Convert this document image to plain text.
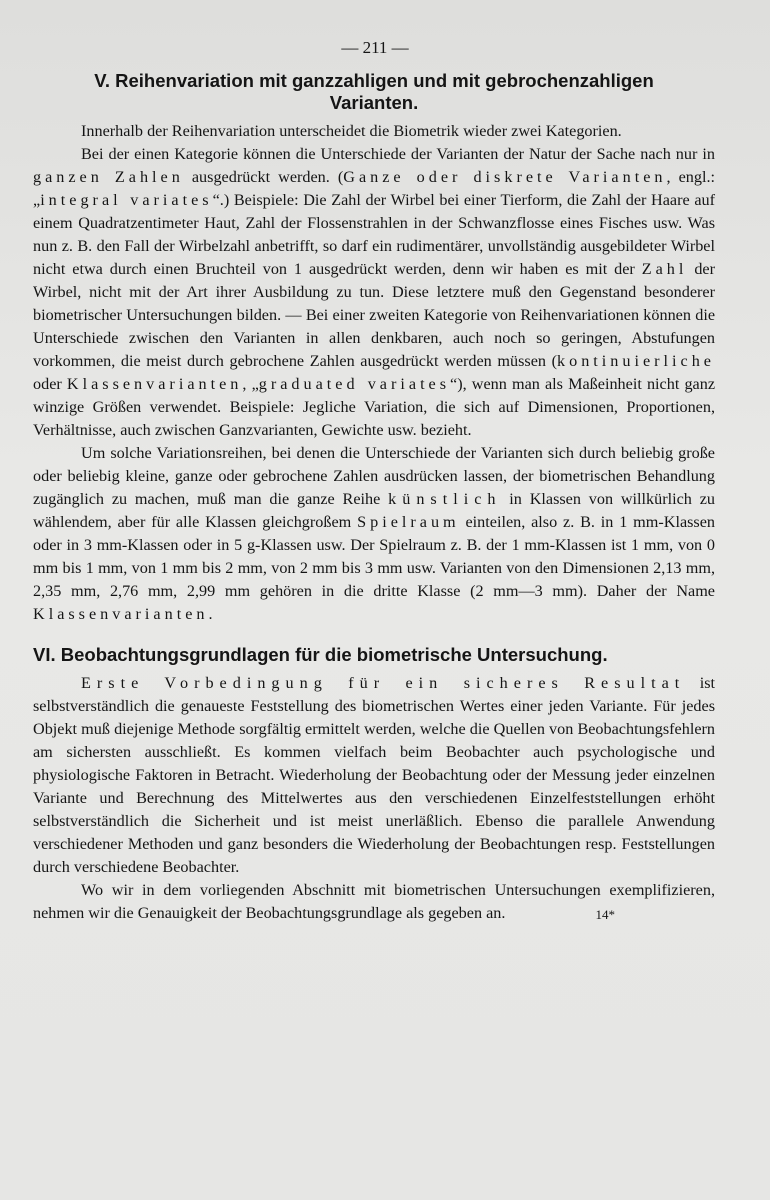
— 211 —
V. Reihenvariation mit ganzzahligen und mit gebrochenzahligen
Varianten.

Innerhalb der Reihenvariation unterscheidet die Biometrik wieder zwei Kategorien.

Bei der einen Kategorie können die Unterschiede der Varianten der Natur der Sache nach nur in ganzen Zahlen ausgedrückt werden. (Ganze oder diskrete Varianten, engl.: „integral variates“.) Beispiele: Die Zahl der Wirbel bei einer Tierform, die Zahl der Haare auf einem Quadratzentimeter Haut, Zahl der Flossenstrahlen in der Schwanzflosse eines Fisches usw. Was nun z. B. den Fall der Wirbelzahl anbetrifft, so darf ein rudimentärer, unvollständig ausgebildeter Wirbel nicht etwa durch einen Bruchteil von 1 ausgedrückt werden, denn wir haben es mit der Zahl der Wirbel, nicht mit der Art ihrer Ausbildung zu tun. Diese letztere muß den Gegenstand besonderer biometrischer Untersuchungen bilden. — Bei einer zweiten Kategorie von Reihenvariationen können die Unterschiede zwischen den Varianten in allen denkbaren, auch noch so geringen, Abstufungen vorkommen, die meist durch gebrochene Zahlen ausgedrückt werden müssen (kontinuierliche oder Klassenvarianten, „graduated variates“), wenn man als Maßeinheit nicht ganz winzige Größen verwendet. Beispiele: Jegliche Variation, die sich auf Dimensionen, Proportionen, Verhältnisse, auch zwischen Ganzvarianten, Gewichte usw. bezieht.

Um solche Variationsreihen, bei denen die Unterschiede der Varianten sich durch beliebig große oder beliebig kleine, ganze oder gebrochene Zahlen ausdrücken lassen, der biometrischen Behandlung zugänglich zu machen, muß man die ganze Reihe künstlich in Klassen von willkürlich zu wählendem, aber für alle Klassen gleichgroßem Spielraum einteilen, also z. B. in 1 mm-Klassen oder in 3 mm-Klassen oder in 5 g-Klassen usw. Der Spielraum z. B. der 1 mm-Klassen ist 1 mm, von 0 mm bis 1 mm, von 1 mm bis 2 mm, von 2 mm bis 3 mm usw. Varianten von den Dimensionen 2,13 mm, 2,35 mm, 2,76 mm, 2,99 mm gehören in die dritte Klasse (2 mm—3 mm). Daher der Name Klassenvarianten.

VI. Beobachtungsgrundlagen für die biometrische Untersuchung.

Erste Vorbedingung für ein sicheres Resultat ist selbstverständlich die genaueste Feststellung des biometrischen Wertes einer jeden Variante. Für jedes Objekt muß diejenige Methode sorgfältig ermittelt werden, welche die Quellen von Beobachtungsfehlern am sichersten ausschließt. Es kommen vielfach beim Beobachter auch psychologische und physiologische Faktoren in Betracht. Wiederholung der Beobachtung oder der Messung jeder einzelnen Variante und Berechnung des Mittelwertes aus den verschiedenen Einzelfeststellungen erhöht selbstverständlich die Sicherheit und ist meist unerläßlich. Ebenso die parallele Anwendung verschiedener Methoden und ganz besonders die Wiederholung der Beobachtungen resp. Feststellungen durch verschiedene Beobachter.

Wo wir in dem vorliegenden Abschnitt mit biometrischen Untersuchungen exemplifizieren, nehmen wir die Genauigkeit der Beobachtungsgrundlage als gegeben an.	14*
